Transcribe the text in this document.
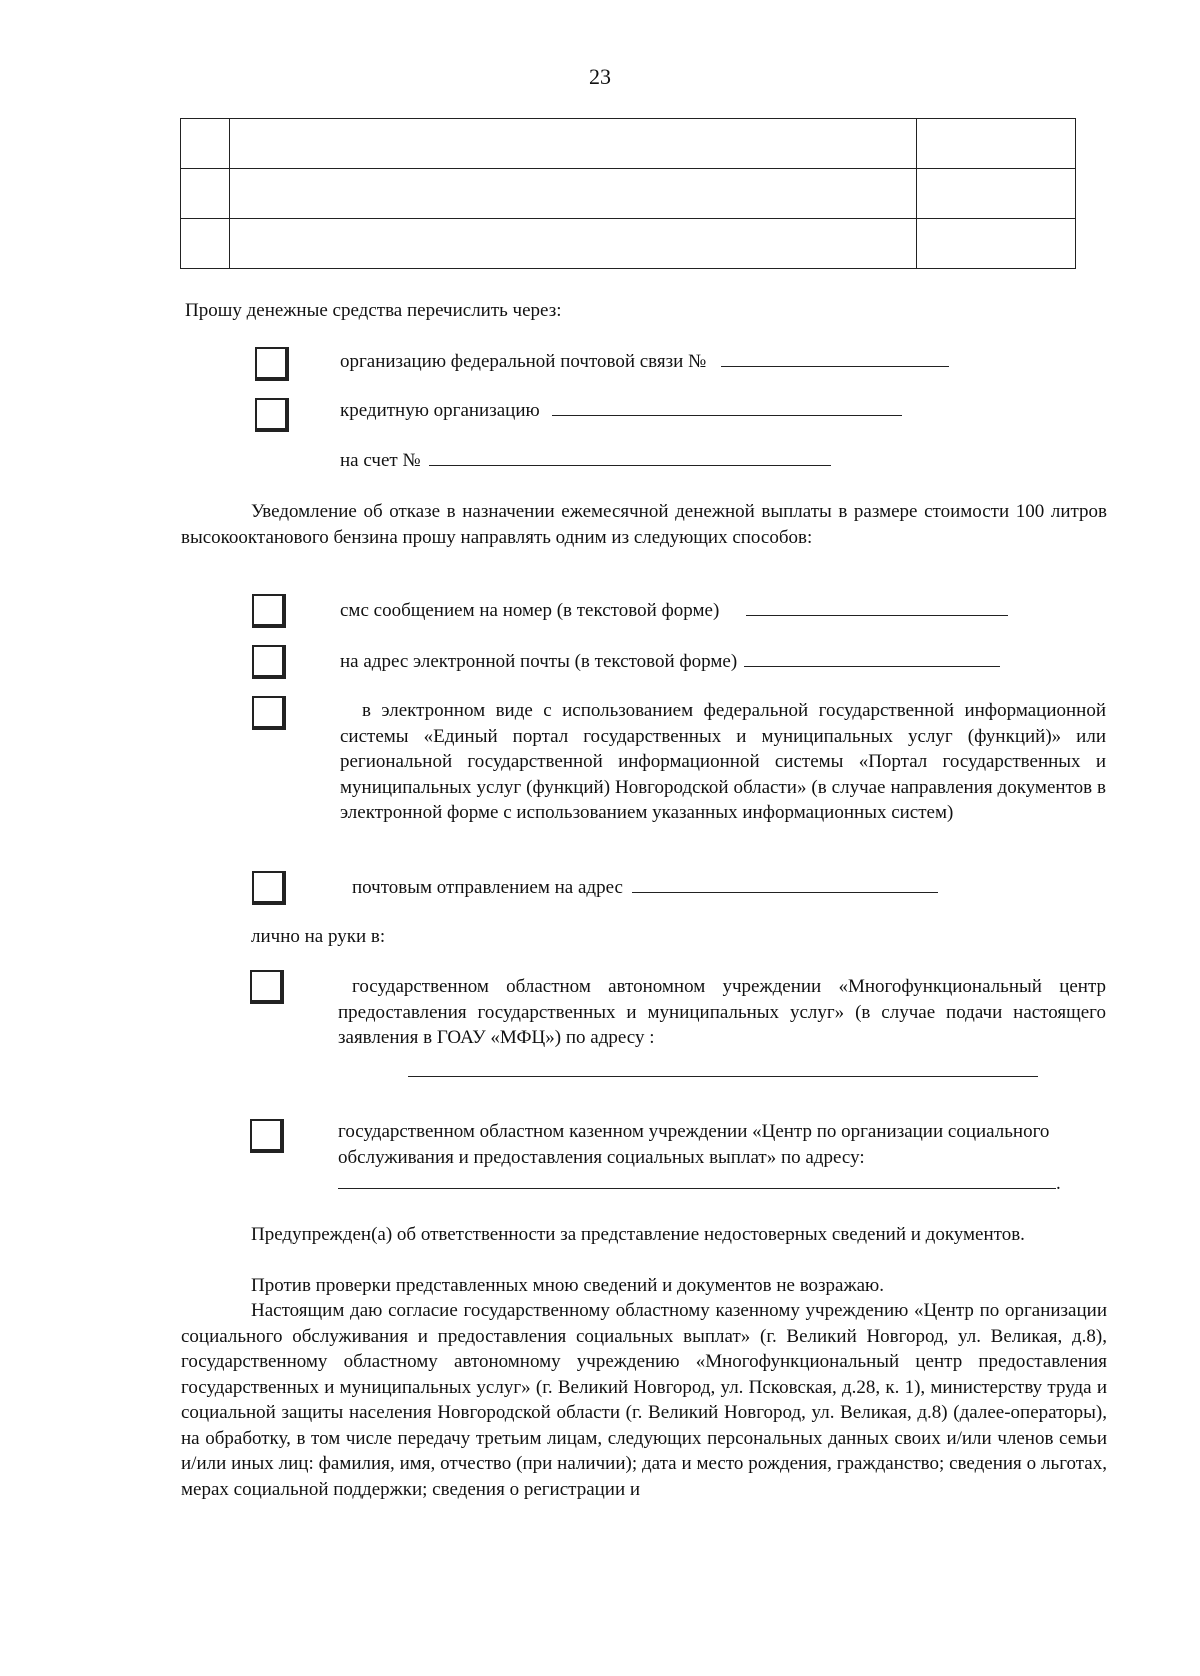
23

Прошу денежные средства перечислить через:
организацию федеральной почтовой связи №
кредитную организацию
на счет №
Уведомление об отказе в назначении ежемесячной денежной выплаты в размере стоимости 100 литров высокооктанового бензина прошу направлять одним из следующих способов:
смс сообщением на номер (в текстовой форме)
на адрес электронной почты (в текстовой форме)
в электронном виде с использованием федеральной государственной информационной системы «Единый портал государственных и муниципальных услуг (функций)» или региональной государственной информационной системы «Портал государственных и муниципальных услуг (функций) Новгородской области» (в случае направления документов в электронной форме с использованием указанных информационных систем)
почтовым отправлением на адрес
лично на руки в:
государственном областном автономном учреждении «Многофункциональный центр предоставления государственных и муниципальных услуг» (в случае подачи настоящего заявления в ГОАУ «МФЦ») по адресу :
государственном областном казенном учреждении «Центр по организации социального обслуживания и предоставления социальных выплат» по адресу:
.
Предупрежден(а) об ответственности за представление недостоверных сведений и документов.
Против проверки представленных мною сведений и документов не возражаю.
Настоящим даю согласие государственному областному казенному учреждению «Центр по организации социального обслуживания и предоставления социальных выплат» (г. Великий Новгород, ул. Великая, д.8), государственному областному автономному учреждению «Многофункциональный центр предоставления государственных и муниципальных услуг» (г. Великий Новгород, ул. Псковская, д.28, к. 1), министерству труда и социальной защиты населения Новгородской области (г. Великий Новгород, ул. Великая, д.8) (далее-операторы), на обработку, в том числе передачу третьим лицам, следующих персональных данных своих и/или членов семьи и/или иных лиц: фамилия, имя, отчество (при наличии); дата и место рождения, гражданство; сведения о льготах, мерах социальной поддержки; сведения о регистрации и
